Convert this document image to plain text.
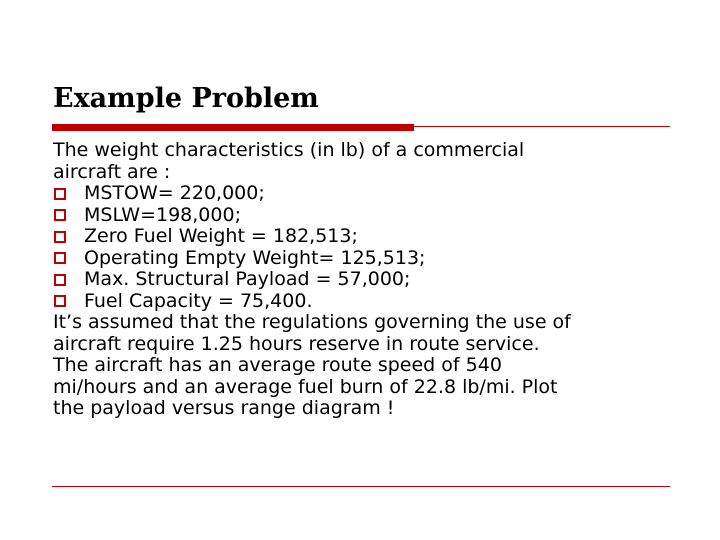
Example Problem
The weight characteristics (in lb) of a commercial
aircraft are :
MSTOW= 220,000;
MSLW=198,000;
Zero Fuel Weight = 182,513;
Operating Empty Weight= 125,513;
Max. Structural Payload = 57,000;
Fuel Capacity = 75,400.
It’s assumed that the regulations governing the use of
aircraft require 1.25 hours reserve in route service.
The aircraft has an average route speed of 540
mi/hours and an average fuel burn of 22.8 lb/mi. Plot
the payload versus range diagram !
